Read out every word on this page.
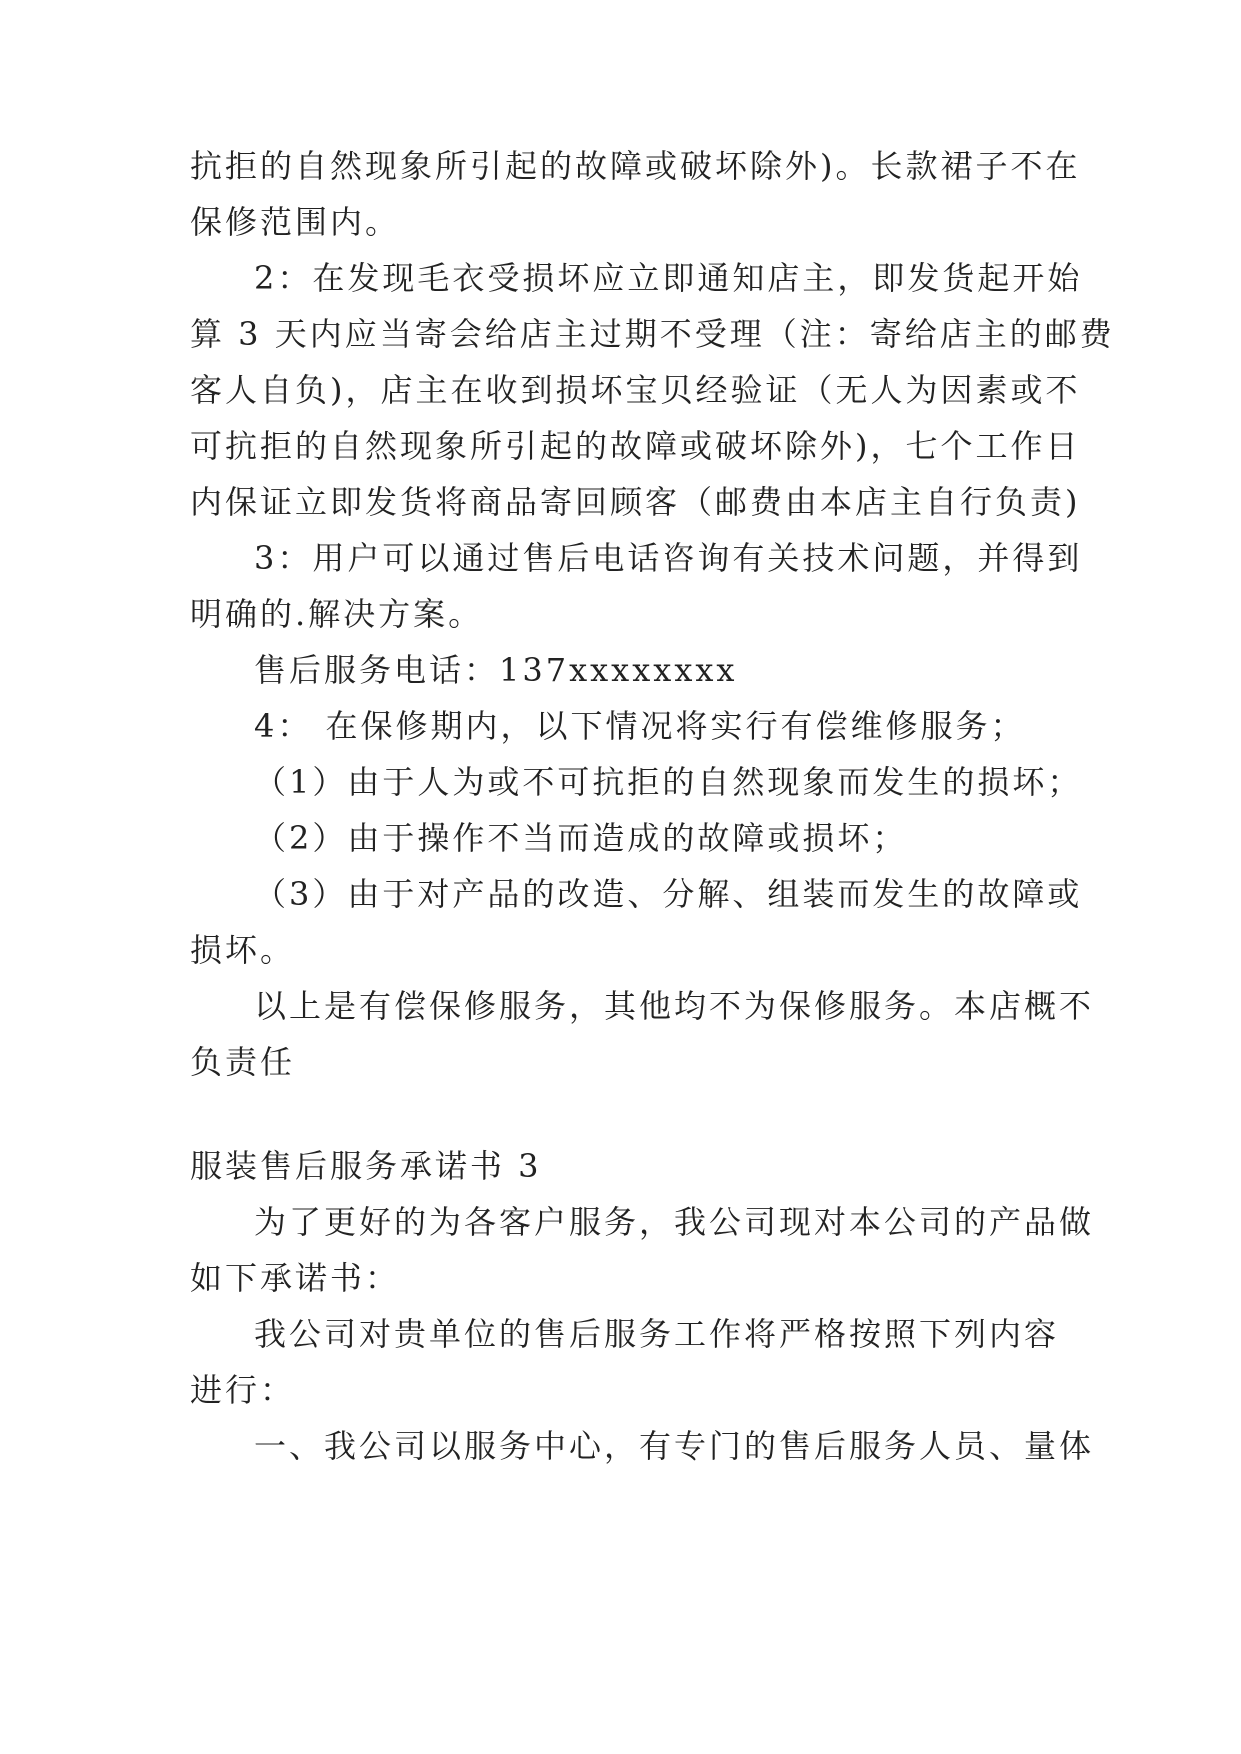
抗拒的自然现象所引起的故障或破坏除外)。长款裙子不在
保修范围内。
2：在发现毛衣受损坏应立即通知店主，即发货起开始
算 3 天内应当寄会给店主过期不受理（注：寄给店主的邮费
客人自负)，店主在收到损坏宝贝经验证（无人为因素或不
可抗拒的自然现象所引起的故障或破坏除外)，七个工作日
内保证立即发货将商品寄回顾客（邮费由本店主自行负责)
3：用户可以通过售后电话咨询有关技术问题，并得到
明确的.解决方案。
售后服务电话：137xxxxxxxx
4： 在保修期内，以下情况将实行有偿维修服务；
（1）由于人为或不可抗拒的自然现象而发生的损坏；
（2）由于操作不当而造成的故障或损坏；
（3）由于对产品的改造、分解、组装而发生的故障或
损坏。
以上是有偿保修服务，其他均不为保修服务。本店概不
负责任
服装售后服务承诺书 3
为了更好的为各客户服务，我公司现对本公司的产品做
如下承诺书：
我公司对贵单位的售后服务工作将严格按照下列内容
进行：
一、我公司以服务中心，有专门的售后服务人员、量体
